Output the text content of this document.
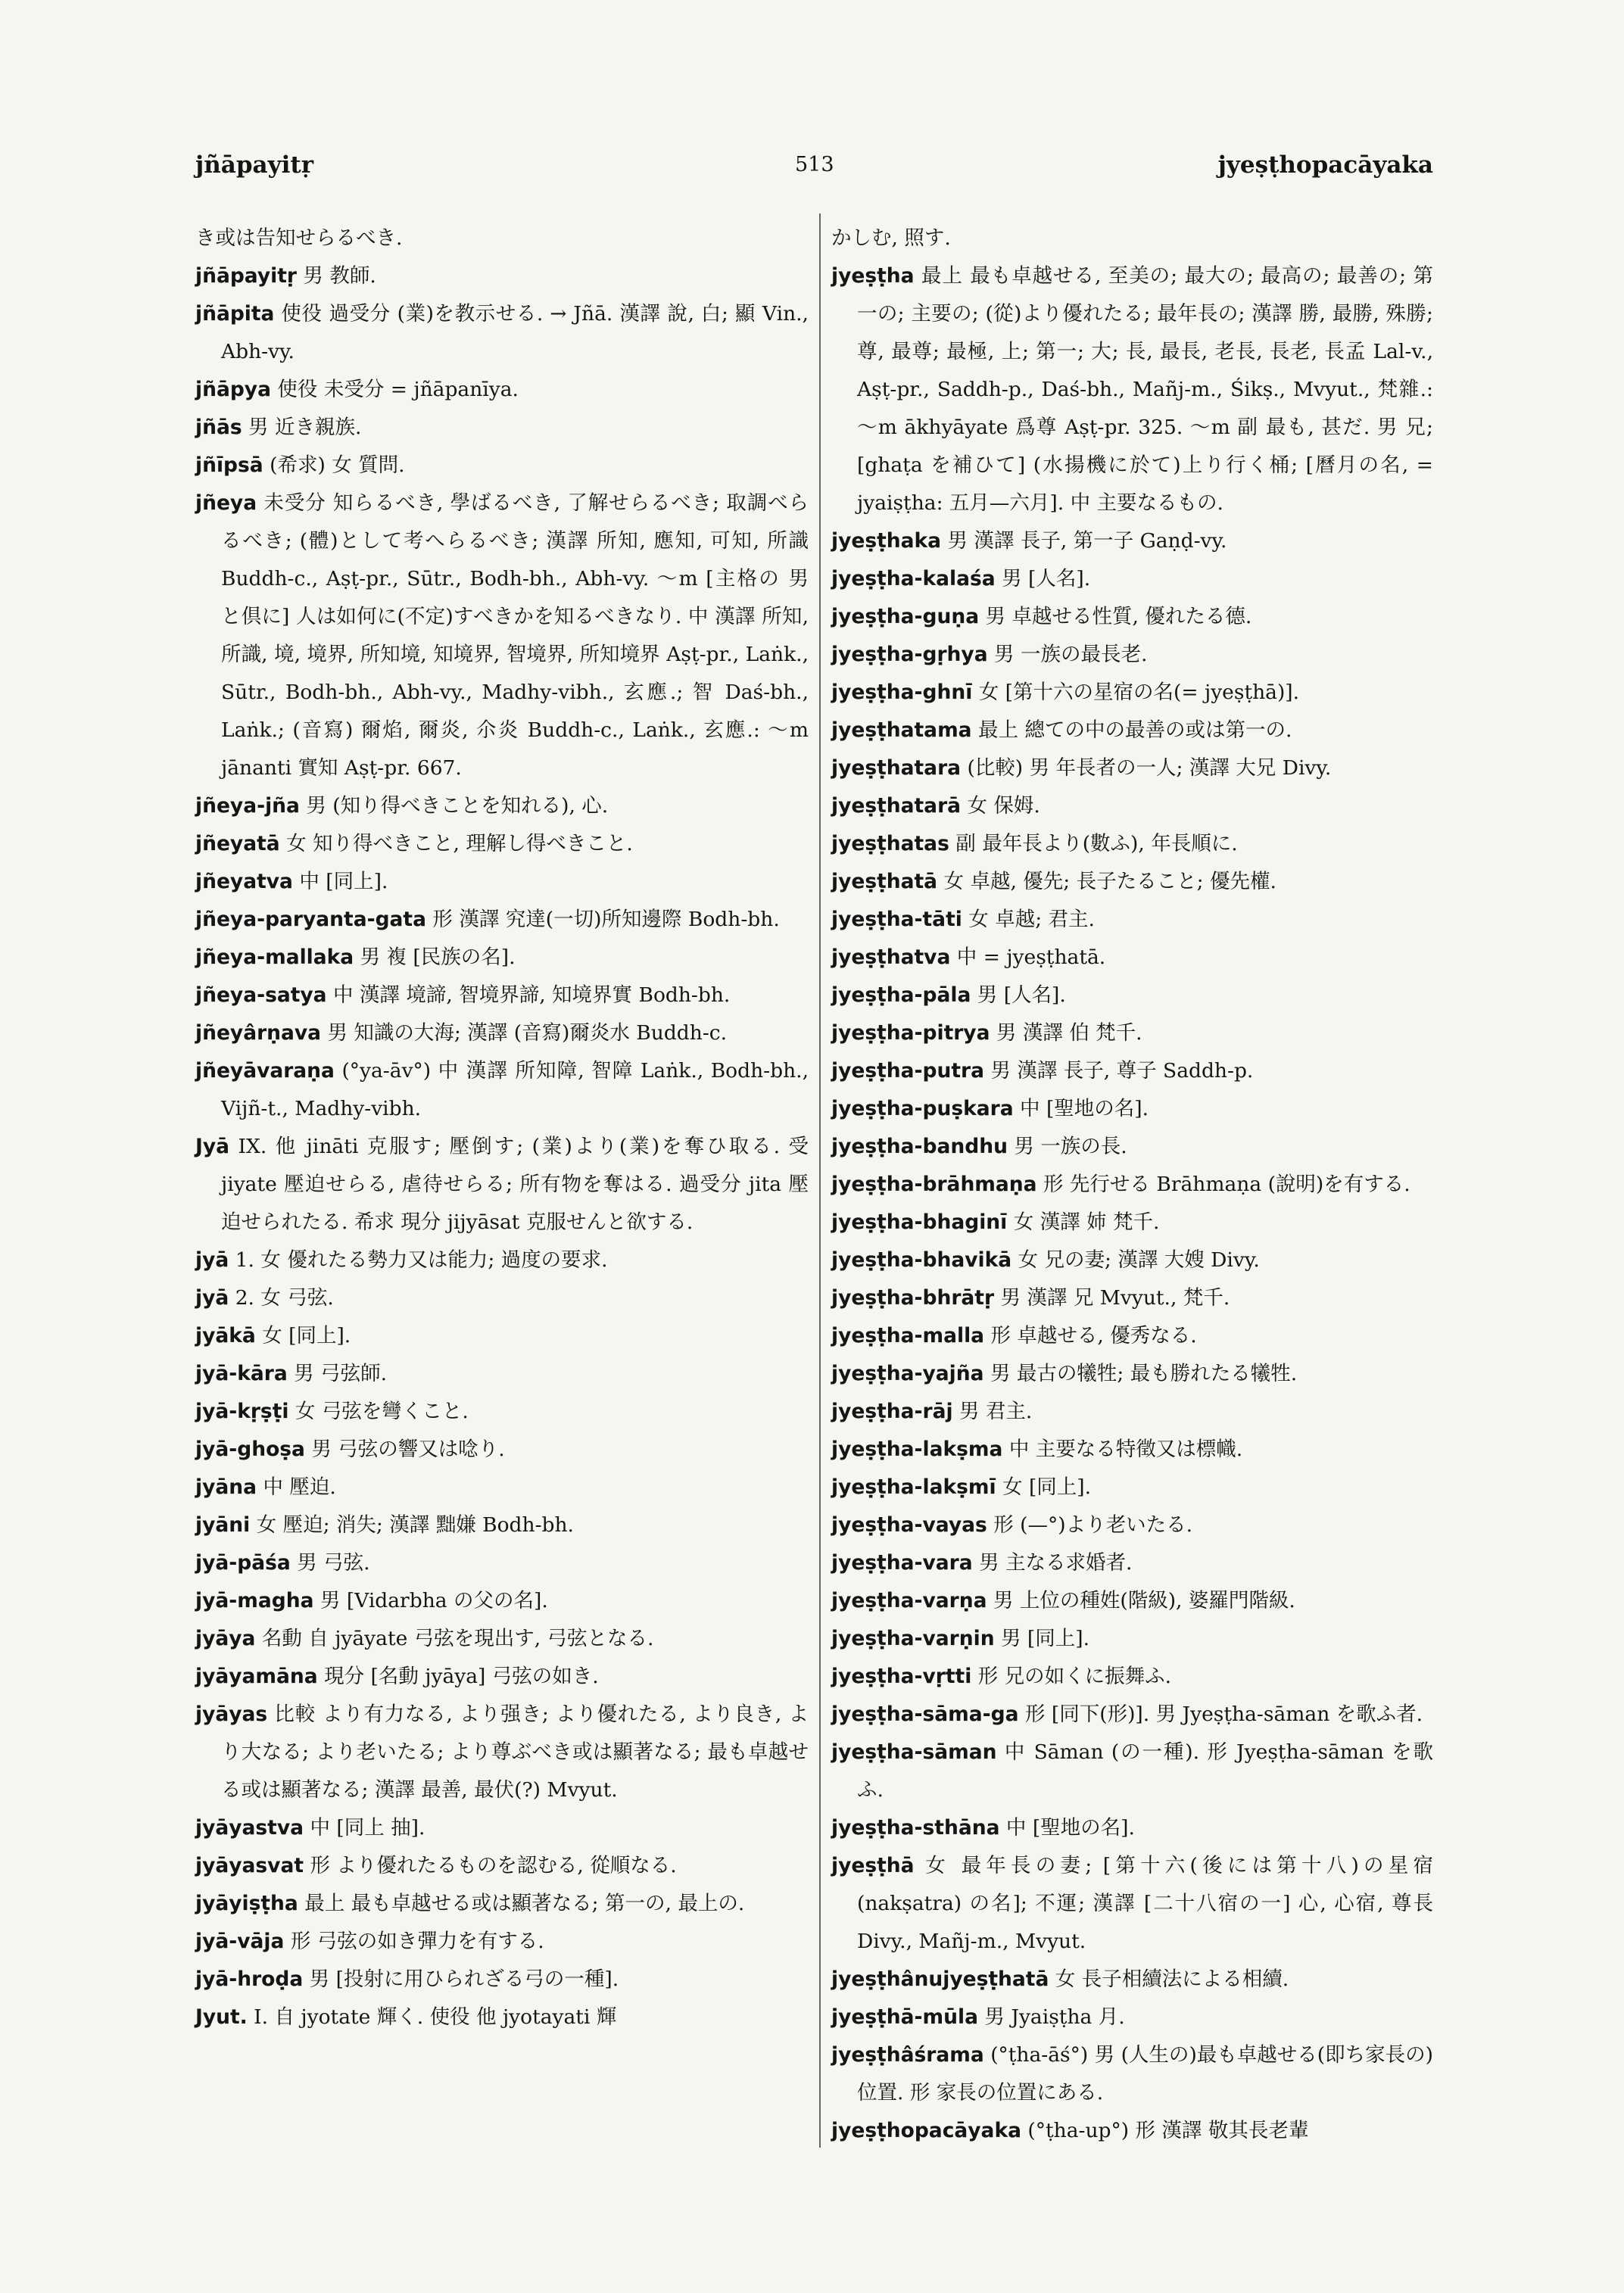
jñāpayitṛ	513	jyeṣṭhopacāyaka

き或は告知せらるべき.

jñāpayitṛ 男 教師.

jñāpita 使役 過受分 (業)を教示せる. → Jñā. 漢譯 說, 白; 顯 Vin., Abh-vy.

jñāpya 使役 未受分 = jñāpanīya.

jñās 男 近き親族.

jñīpsā (希求) 女 質問.

jñeya 未受分 知らるべき, 學ばるべき, 了解せらるべき; 取調べらるべき; (體)として考へらるべき; 漢譯 所知, 應知, 可知, 所識 Buddh-c., Aṣṭ-pr., Sūtr., Bodh-bh., Abh-vy. ～m [主格の 男 と倶に] 人は如何に(不定)すべきかを知るべきなり. 中 漢譯 所知, 所識, 境, 境界, 所知境, 知境界, 智境界, 所知境界 Aṣṭ-pr., Laṅk., Sūtr., Bodh-bh., Abh-vy., Madhy-vibh., 玄應.; 智 Daś-bh., Laṅk.; (音寫) 爾焰, 爾炎, 尒炎 Buddh-c., Laṅk., 玄應.: ～m jānanti 實知 Aṣṭ-pr. 667.

jñeya-jña 男 (知り得べきことを知れる), 心.

jñeyatā 女 知り得べきこと, 理解し得べきこと.

jñeyatva 中 [同上].

jñeya-paryanta-gata 形 漢譯 究達(一切)所知邊際 Bodh-bh.

jñeya-mallaka 男 複 [民族の名].

jñeya-satya 中 漢譯 境諦, 智境界諦, 知境界實 Bodh-bh.

jñeyârṇava 男 知識の大海; 漢譯 (音寫)爾炎水 Buddh-c.

jñeyāvaraṇa (°ya-āv°) 中 漢譯 所知障, 智障 Laṅk., Bodh-bh., Vijñ-t., Madhy-vibh.

Jyā IX. 他 jināti 克服す; 壓倒す; (業)より(業)を奪ひ取る. 受 jiyate 壓迫せらる, 虐待せらる; 所有物を奪はる. 過受分 jita 壓迫せられたる. 希求 現分 jijyāsat 克服せんと欲する.

jyā 1. 女 優れたる勢力又は能力; 過度の要求.

jyā 2. 女 弓弦.

jyākā 女 [同上].

jyā-kāra 男 弓弦師.

jyā-kṛṣṭi 女 弓弦を彎くこと.

jyā-ghoṣa 男 弓弦の響又は唸り.

jyāna 中 壓迫.

jyāni 女 壓迫; 消失; 漢譯 黜嫌 Bodh-bh.

jyā-pāśa 男 弓弦.

jyā-magha 男 [Vidarbha の父の名].

jyāya 名動 自 jyāyate 弓弦を現出す, 弓弦となる.

jyāyamāna 現分 [名動 jyāya] 弓弦の如き.

jyāyas 比較 より有力なる, より强き; より優れたる, より良き, より大なる; より老いたる; より尊ぶべき或は顯著なる; 最も卓越せる或は顯著なる; 漢譯 最善, 最伏(?) Mvyut.

jyāyastva 中 [同上 抽].

jyāyasvat 形 より優れたるものを認むる, 從順なる.

jyāyiṣṭha 最上 最も卓越せる或は顯著なる; 第一の, 最上の.

jyā-vāja 形 弓弦の如き彈力を有する.

jyā-hroḍa 男 [投射に用ひられざる弓の一種].

Jyut. I. 自 jyotate 輝く. 使役 他 jyotayati 輝

かしむ, 照す.

jyeṣṭha 最上 最も卓越せる, 至美の; 最大の; 最高の; 最善の; 第一の; 主要の; (從)より優れたる; 最年長の; 漢譯 勝, 最勝, 殊勝; 尊, 最尊; 最極, 上; 第一; 大; 長, 最長, 老長, 長老, 長孟 Lal-v., Aṣṭ-pr., Saddh-p., Daś-bh., Mañj-m., Śikṣ., Mvyut., 梵雜.: ～m ākhyāyate 爲尊 Aṣṭ-pr. 325. ～m 副 最も, 甚だ. 男 兄; [ghaṭa を補ひて] (水揚機に於て)上り行く桶; [曆月の名, = jyaiṣṭha: 五月—六月]. 中 主要なるもの.

jyeṣṭhaka 男 漢譯 長子, 第一子 Gaṇḍ-vy.

jyeṣṭha-kalaśa 男 [人名].

jyeṣṭha-guṇa 男 卓越せる性質, 優れたる德.

jyeṣṭha-gṛhya 男 一族の最長老.

jyeṣṭha-ghnī 女 [第十六の星宿の名(= jyeṣṭhā)].

jyeṣṭhatama 最上 總ての中の最善の或は第一の.

jyeṣṭhatara (比較) 男 年長者の一人; 漢譯 大兄 Divy.

jyeṣṭhatarā 女 保姆.

jyeṣṭhatas 副 最年長より(數ふ), 年長順に.

jyeṣṭhatā 女 卓越, 優先; 長子たること; 優先權.

jyeṣṭha-tāti 女 卓越; 君主.

jyeṣṭhatva 中 = jyeṣṭhatā.

jyeṣṭha-pāla 男 [人名].

jyeṣṭha-pitrya 男 漢譯 伯 梵千.

jyeṣṭha-putra 男 漢譯 長子, 尊子 Saddh-p.

jyeṣṭha-puṣkara 中 [聖地の名].

jyeṣṭha-bandhu 男 一族の長.

jyeṣṭha-brāhmaṇa 形 先行せる Brāhmaṇa (說明)を有する.

jyeṣṭha-bhaginī 女 漢譯 姉 梵千.

jyeṣṭha-bhavikā 女 兄の妻; 漢譯 大嫂 Divy.

jyeṣṭha-bhrātṛ 男 漢譯 兄 Mvyut., 梵千.

jyeṣṭha-malla 形 卓越せる, 優秀なる.

jyeṣṭha-yajña 男 最古の犧牲; 最も勝れたる犧牲.

jyeṣṭha-rāj 男 君主.

jyeṣṭha-lakṣma 中 主要なる特徵又は標幟.

jyeṣṭha-lakṣmī 女 [同上].

jyeṣṭha-vayas 形 (—°)より老いたる.

jyeṣṭha-vara 男 主なる求婚者.

jyeṣṭha-varṇa 男 上位の種姓(階級), 婆羅門階級.

jyeṣṭha-varṇin 男 [同上].

jyeṣṭha-vṛtti 形 兄の如くに振舞ふ.

jyeṣṭha-sāma-ga 形 [同下(形)]. 男 Jyeṣṭha-sāman を歌ふ者.

jyeṣṭha-sāman 中 Sāman (の一種). 形 Jyeṣṭha-sāman を歌ふ.

jyeṣṭha-sthāna 中 [聖地の名].

jyeṣṭhā 女 最年長の妻; [第十六(後には第十八)の星宿 (nakṣatra) の名]; 不運; 漢譯 [二十八宿の一] 心, 心宿, 尊長 Divy., Mañj-m., Mvyut.

jyeṣṭhânujyeṣṭhatā 女 長子相續法による相續.

jyeṣṭhā-mūla 男 Jyaiṣṭha 月.

jyeṣṭhâśrama (°ṭha-āś°) 男 (人生の)最も卓越せる(即ち家長の)位置. 形 家長の位置にある.

jyeṣṭhopacāyaka (°ṭha-up°) 形 漢譯 敬其長老輩
